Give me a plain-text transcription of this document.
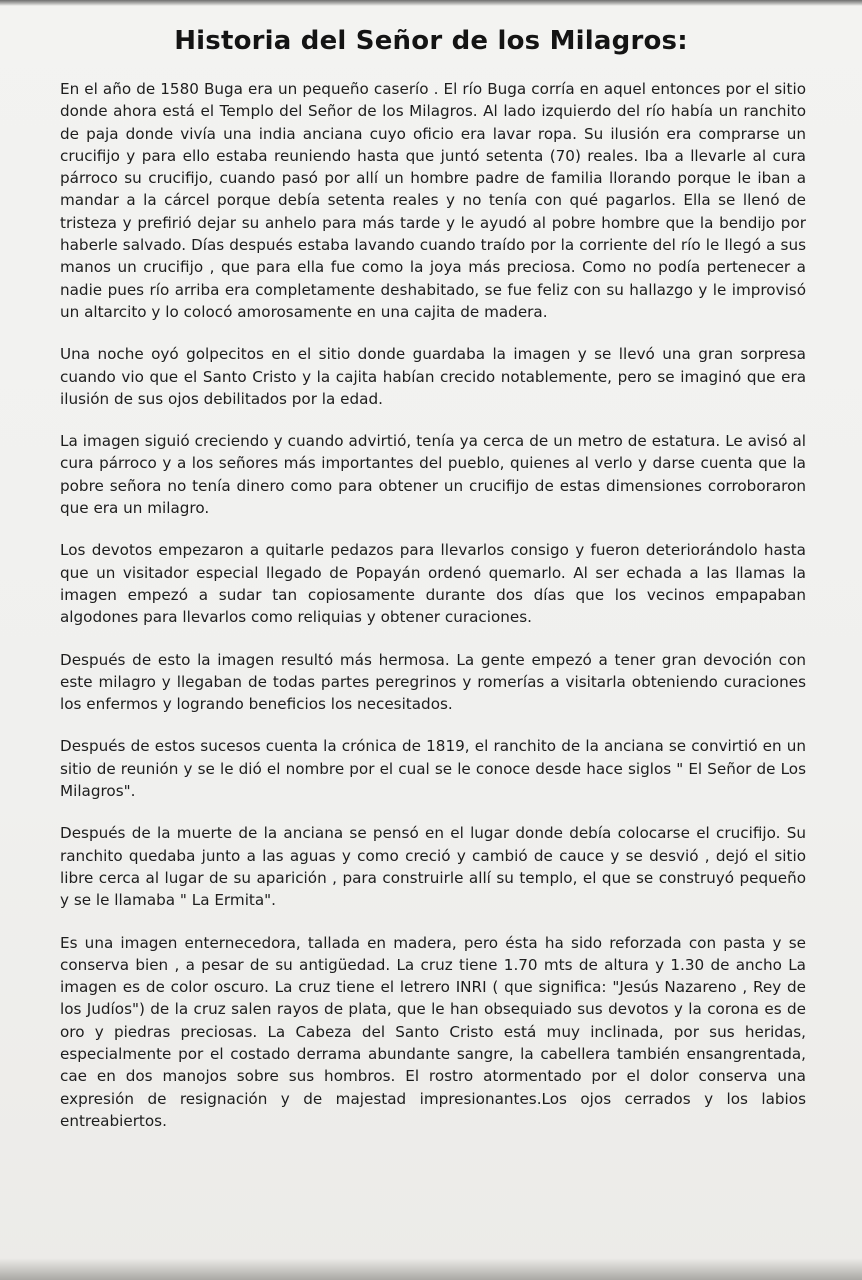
Historia del Señor de los Milagros:

En el año de 1580 Buga era un pequeño caserío . El río Buga corría en aquel entonces por el sitio donde ahora está el Templo del Señor de los Milagros. Al lado izquierdo del río había un ranchito de paja donde vivía una india anciana cuyo oficio era lavar ropa. Su ilusión era comprarse un crucifijo y para ello estaba reuniendo hasta que juntó setenta (70) reales. Iba a llevarle al cura párroco su crucifijo, cuando pasó por allí un hombre padre de familia llorando porque le iban a mandar a la cárcel porque debía setenta reales y no tenía con qué pagarlos. Ella se llenó de tristeza y prefirió dejar su anhelo para más tarde y le ayudó al pobre hombre que la bendijo por haberle salvado. Días después estaba lavando cuando traído por la corriente del río le llegó a sus manos un crucifijo , que para ella fue como la joya más preciosa. Como no podía pertenecer a nadie pues río arriba era completamente deshabitado, se fue feliz con su hallazgo y le improvisó un altarcito y lo colocó amorosamente en una cajita de madera.

Una noche oyó golpecitos en el sitio donde guardaba la imagen y se llevó una gran sorpresa cuando vio que el Santo Cristo y la cajita habían crecido notablemente, pero se imaginó que era ilusión de sus ojos debilitados por la edad.

La imagen siguió creciendo y cuando advirtió, tenía ya cerca de un metro de estatura. Le avisó al cura párroco y a los señores más importantes del pueblo, quienes al verlo y darse cuenta que la pobre señora no tenía dinero como para obtener un crucifijo de estas dimensiones corroboraron que era un milagro.

Los devotos empezaron a quitarle pedazos para llevarlos consigo y fueron deteriorándolo hasta que un visitador especial llegado de Popayán ordenó quemarlo. Al ser echada a las llamas la imagen empezó a sudar tan copiosamente durante dos días que los vecinos empapaban algodones para llevarlos como reliquias y obtener curaciones.

Después de esto la imagen resultó más hermosa. La gente empezó a tener gran devoción con este milagro y llegaban de todas partes peregrinos y romerías a visitarla obteniendo curaciones los enfermos y logrando beneficios los necesitados.

Después de estos sucesos cuenta la crónica de 1819, el ranchito de la anciana se convirtió en un sitio de reunión y se le dió el nombre por el cual se le conoce desde hace siglos " El Señor de Los Milagros".

Después de la muerte de la anciana se pensó en el lugar donde debía colocarse el crucifijo. Su ranchito quedaba junto a las aguas y como creció y cambió de cauce y se desvió , dejó el sitio libre cerca al lugar de su aparición , para construirle allí su templo, el que se construyó pequeño y se le llamaba " La Ermita".

Es una imagen enternecedora, tallada en madera, pero ésta ha sido reforzada con pasta y se conserva bien , a pesar de su antigüedad. La cruz tiene 1.70 mts de altura y 1.30 de ancho La imagen es de color oscuro. La cruz tiene el letrero INRI ( que significa: "Jesús Nazareno , Rey de los Judíos") de la cruz salen rayos de plata, que le han obsequiado sus devotos y la corona es de oro y piedras preciosas. La Cabeza del Santo Cristo está muy inclinada, por sus heridas, especialmente por el costado derrama abundante sangre, la cabellera también ensangrentada, cae en dos manojos sobre sus hombros. El rostro atormentado por el dolor conserva una expresión de resignación y de majestad impresionantes.Los ojos cerrados y los labios entreabiertos.
